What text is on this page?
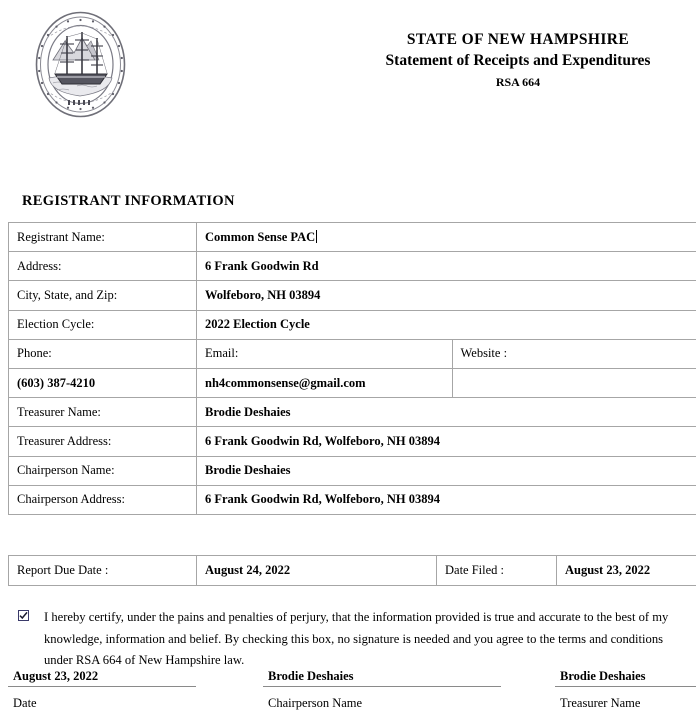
STATE OF NEW HAMPSHIRE
Statement of Receipts and Expenditures
RSA 664
REGISTRANT INFORMATION
Registrant Name:	Common Sense PAC	
Address:	6 Frank Goodwin Rd	
City, State, and Zip:	Wolfeboro, NH 03894	
Election Cycle:	2022 Election Cycle	
Phone:	Email:	Website :
(603) 387-4210	nh4commonsense@gmail.com	
Treasurer Name:	Brodie Deshaies	
Treasurer Address:	6 Frank Goodwin Rd, Wolfeboro, NH 03894	
Chairperson Name:	Brodie Deshaies	
Chairperson Address:	6 Frank Goodwin Rd, Wolfeboro, NH 03894	
Report Due Date :	August 24, 2022	Date Filed :	August 23, 2022
I hereby certify, under the pains and penalties of perjury, that the information provided is true and accurate to the best of my knowledge, information and belief. By checking this box, no signature is needed and you agree to the terms and conditions under RSA 664 of New Hampshire law.
August 23, 2022
Date
Brodie Deshaies
Chairperson Name
Brodie Deshaies
Treasurer Name
